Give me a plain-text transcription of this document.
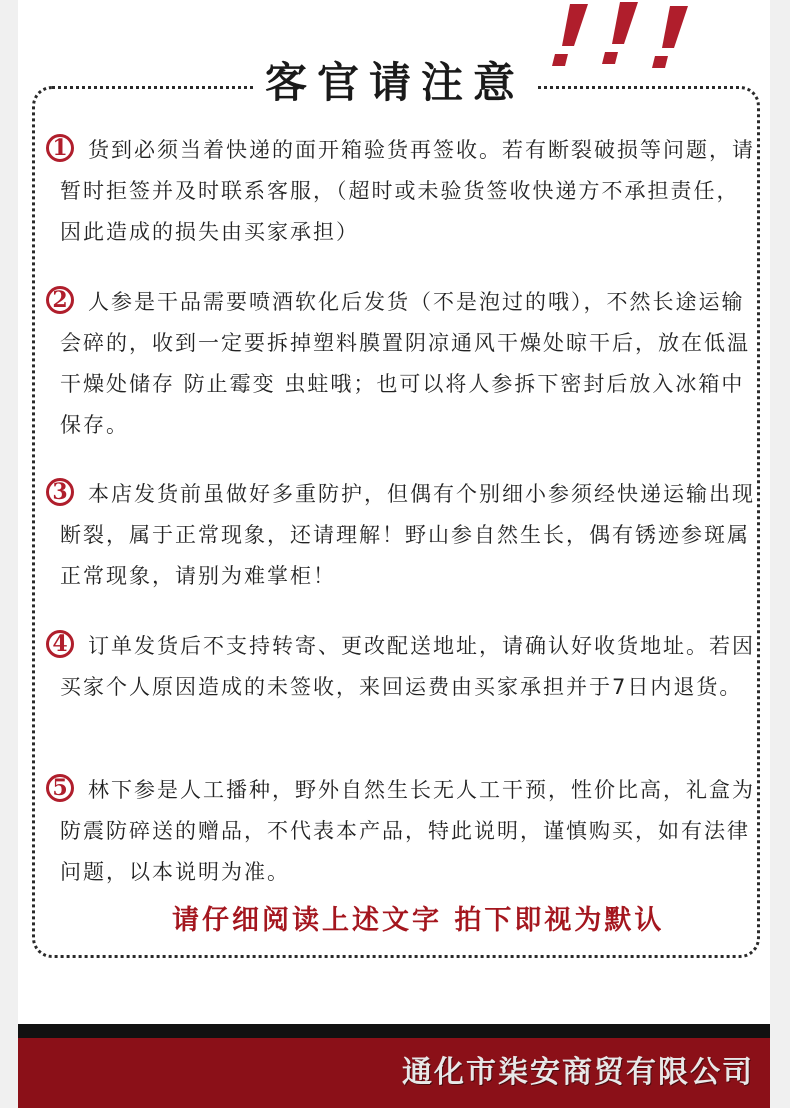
客官请注意
1 货到必须当着快递的面开箱验货再签收。若有断裂破损等问题，请暂时拒签并及时联系客服，（超时或未验货签收快递方不承担责任，因此造成的损失由买家承担）

2 人参是干品需要喷酒软化后发货（不是泡过的哦），不然长途运输会碎的，收到一定要拆掉塑料膜置阴凉通风干燥处晾干后，放在低温干燥处储存 防止霉变 虫蛀哦；也可以将人参拆下密封后放入冰箱中保存。

3 本店发货前虽做好多重防护，但偶有个别细小参须经快递运输出现断裂，属于正常现象，还请理解！野山参自然生长，偶有锈迹参斑属正常现象，请别为难掌柜！

4 订单发货后不支持转寄、更改配送地址，请确认好收货地址。若因买家个人原因造成的未签收，来回运费由买家承担并于7日内退货。

5 林下参是人工播种，野外自然生长无人工干预，性价比高，礼盒为防震防碎送的赠品，不代表本产品，特此说明，谨慎购买，如有法律问题，以本说明为准。

请仔细阅读上述文字 拍下即视为默认
通化市柒安商贸有限公司
